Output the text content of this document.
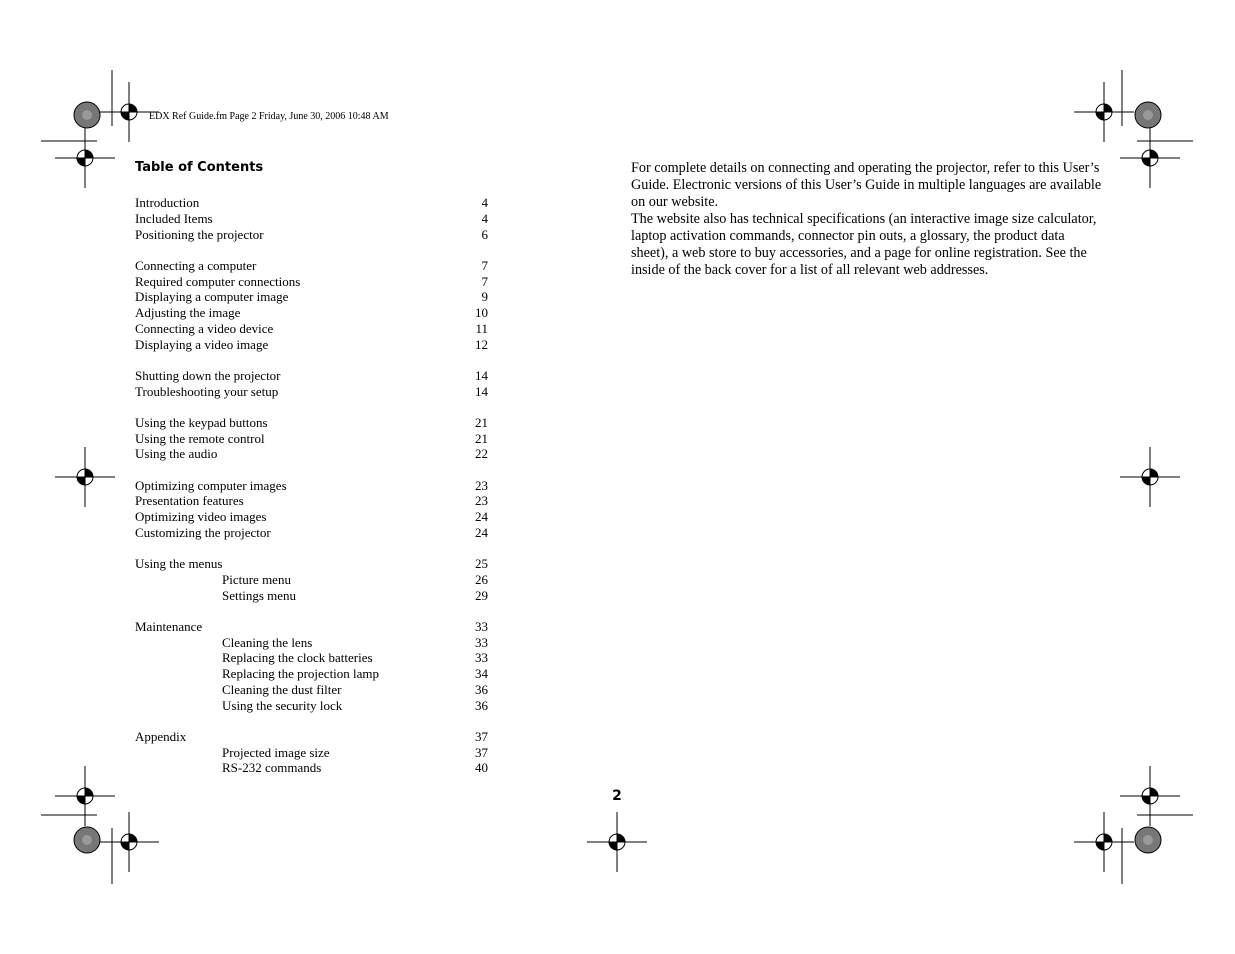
EDX Ref Guide.fm Page 2 Friday, June 30, 2006 10:48 AM
Table of Contents
Introduction	4
Included Items	4
Positioning the projector	6
Connecting a computer	7
Required computer connections	7
Displaying a computer image	9
Adjusting the image	10
Connecting a video device	11
Displaying a video image	12
Shutting down the projector	14
Troubleshooting your setup	14
Using the keypad buttons	21
Using the remote control	21
Using the audio	22
Optimizing computer images	23
Presentation features	23
Optimizing video images	24
Customizing the projector	24
Using the menus	25
Picture menu	26
Settings menu	29
Maintenance	33
Cleaning the lens	33
Replacing the clock batteries	33
Replacing the projection lamp	34
Cleaning the dust filter	36
Using the security lock	36
Appendix	37
Projected image size	37
RS-232 commands	40

For complete details on connecting and operating the projector, refer to this User’s Guide. Electronic versions of this User’s Guide in multiple languages are available on our website.

The website also has technical specifications (an interactive image size calculator, laptop activation commands, connector pin outs, a glossary, the product data sheet), a web store to buy accessories, and a page for online registration. See the inside of the back cover for a list of all relevant web addresses.

2
